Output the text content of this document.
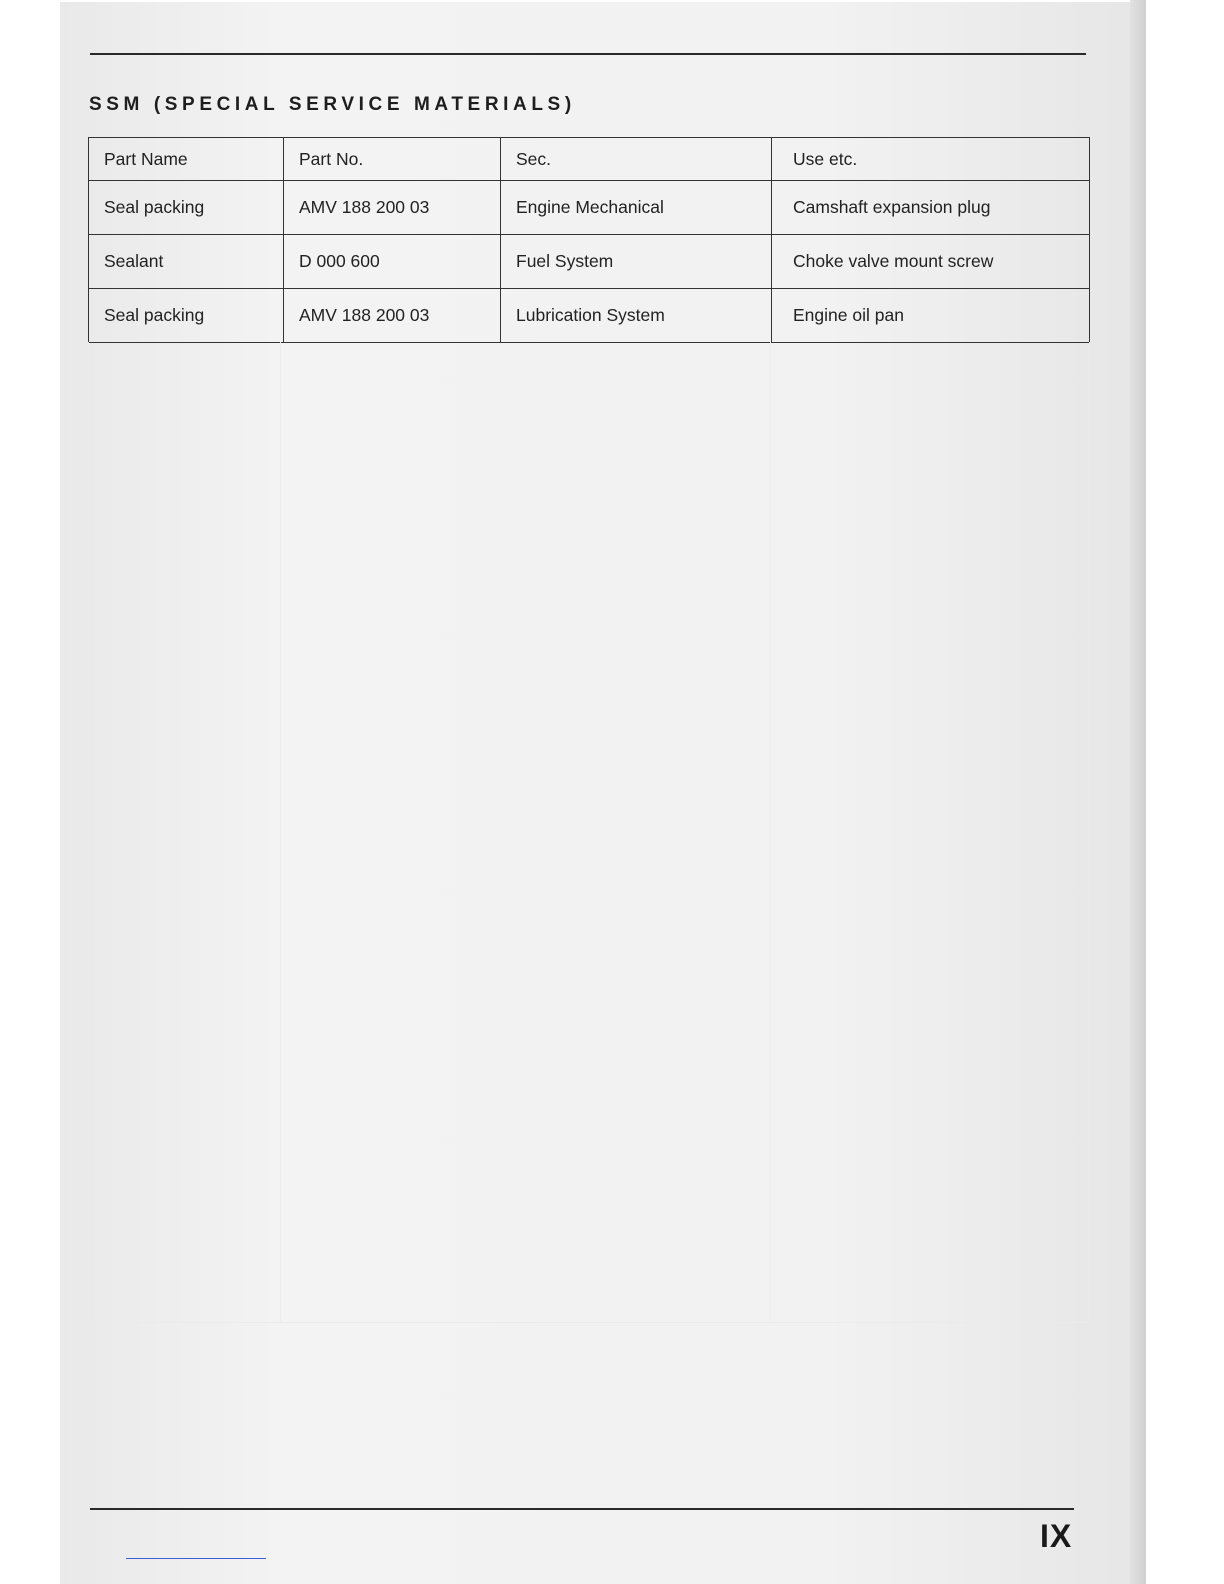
SSM (SPECIAL SERVICE MATERIALS)
Part Name	Part No.	Sec.	Use etc.
Seal packing	AMV 188 200 03	Engine Mechanical	Camshaft expansion plug
Sealant	D 000 600	Fuel System	Choke valve mount screw
Seal packing	AMV 188 200 03	Lubrication System	Engine oil pan
IX
